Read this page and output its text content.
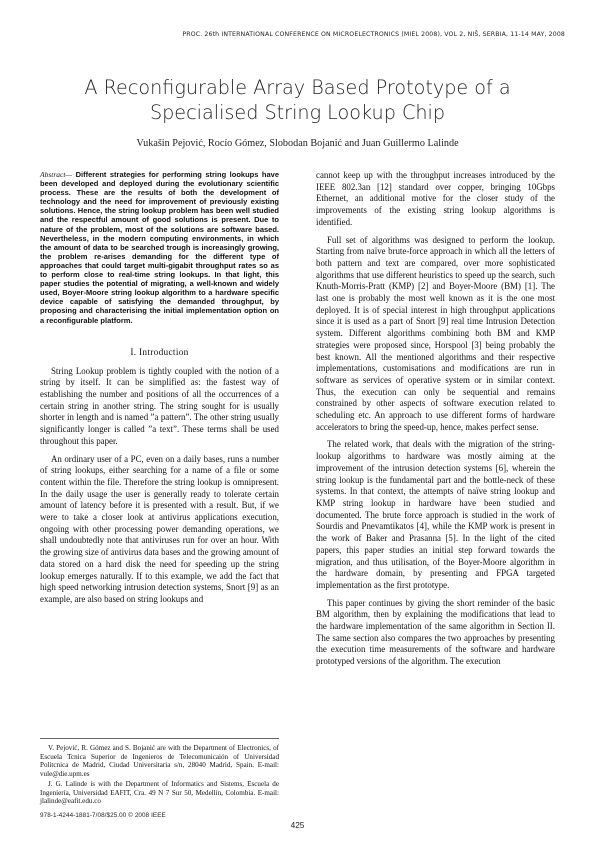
PROC. 26th INTERNATIONAL CONFERENCE ON MICROELECTRONICS (MIEL 2008), VOL 2, NIŠ, SERBIA, 11-14 MAY, 2008
A Reconfigurable Array Based Prototype of a Specialised String Lookup Chip
Vukašin Pejović, Rocío Gómez, Slobodan Bojanić and Juan Guillermo Lalinde
Abstract— Different strategies for performing string lookups have been developed and deployed during the evolutionary scientific process. These are the results of both the development of technology and the need for improvement of previously existing solutions. Hence, the string lookup problem has been well studied and the respectful amount of good solutions is present. Due to nature of the problem, most of the solutions are software based. Nevertheless, in the modern computing environments, in which the amount of data to be searched trough is increasingly growing, the problem re-arises demanding for the different type of approaches that could target multi-gigabit throughput rates so as to perform close to real-time string lookups. In that light, this paper studies the potential of migrating, a well-known and widely used, Boyer-Moore string lookup algorithm to a hardware specific device capable of satisfying the demanded throughput, by proposing and characterising the initial implementation option on a reconfigurable platform.
I. Introduction

String Lookup problem is tightly coupled with the notion of a string by itself. It can be simplified as: the fastest way of establishing the number and positions of all the occurrences of a certain string in another string. The string sought for is usually shorter in length and is named ”a pattern”. The other string usually significantly longer is called ”a text”. These terms shall be used throughout this paper.

An ordinary user of a PC, even on a daily bases, runs a number of string lookups, either searching for a name of a file or some content within the file. Therefore the string lookup is omnipresent. In the daily usage the user is generally ready to tolerate certain amount of latency before it is presented with a result. But, if we were to take a closer look at antivirus applications execution, ongoing with other processing power demanding operations, we shall undoubtedly note that antiviruses run for over an hour. With the growing size of antivirus data bases and the growing amount of data stored on a hard disk the need for speeding up the string lookup emerges naturally. If to this example, we add the fact that high speed networking intrusion detection systems, Snort [9] as an example, are also based on string lookups and

cannot keep up with the throughput increases introduced by the IEEE 802.3an [12] standard over copper, bringing 10Gbps Ethernet, an additional motive for the closer study of the improvements of the existing string lookup algorithms is identified.

Full set of algorithms was designed to perform the lookup. Starting from naïve brute-force approach in which all the letters of both pattern and text are compared, over more sophisticated algorithms that use different heuristics to speed up the search, such Knuth-Morris-Pratt (KMP) [2] and Boyer-Moore (BM) [1]. The last one is probably the most well known as it is the one most deployed. It is of special interest in high throughput applications since it is used as a part of Snort [9] real time Intrusion Detection system. Different algorithms combining both BM and KMP strategies were proposed since, Horspool [3] being probably the best known. All the mentioned algorithms and their respective implementations, customisations and modifications are run in software as services of operative system or in similar context. Thus, the execution can only be sequential and remains constrained by other aspects of software execution related to scheduling etc. An approach to use different forms of hardware accelerators to bring the speed-up, hence, makes perfect sense.

The related work, that deals with the migration of the string-lookup algorithms to hardware was mostly aiming at the improvement of the intrusion detection systems [6], wherein the string lookup is the fundamental part and the bottle-neck of these systems. In that context, the attempts of naïve string lookup and KMP string lookup in hardware have been studied and documented. The brute force approach is studied in the work of Sourdis and Pnevamtikatos [4], while the KMP work is present in the work of Baker and Prasanna [5]. In the light of the cited papers, this paper studies an initial step forward towards the migration, and thus utilisation, of the Boyer-Moore algorithm in the hardware domain, by presenting and FPGA targeted implementation as the first prototype.

This paper continues by giving the short reminder of the basic BM algorithm, then by explaining the modifications that lead to the hardware implementation of the same algorithm in Section II. The same section also compares the two approaches by presenting the execution time measurements of the software and hardware prototyped versions of the algorithm. The execution

V. Pejović, R. Gómez and S. Bojanić are with the Department of Electronics, of Escuela Tcnica Superior de Ingenieros de Telecomunicaión of Universidad Politcnica de Madrid, Ciudad Universitaria s/n, 28040 Madrid, Spain. E-mail: vule@die.upm.es

J. G. Lalinde is with the Department of Informatics and Sistems, Escuela de Ingeniería, Universidad EAFIT, Cra. 49 N 7 Sur 50, Medellín, Colombia. E-mail: jlalinde@eafit.edu.co

978-1-4244-1881-7/08/$25.00 © 2008 IEEE
425
